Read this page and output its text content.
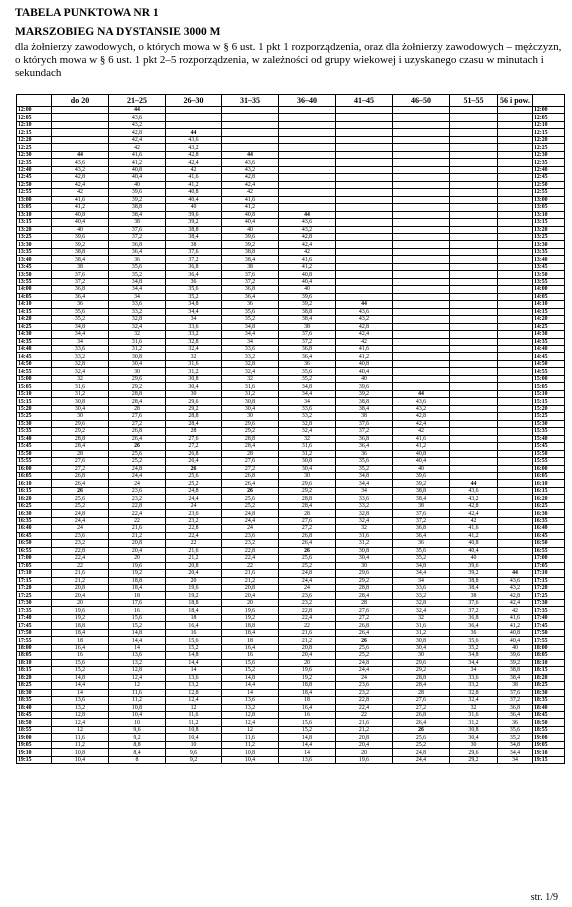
TABELA PUNKTOWA NR 1
MARSZOBIEG NA DYSTANSIE 3000 M
dla żołnierzy zawodowych, o których mowa w § 6 ust. 1 pkt 1 rozporządzenia, oraz dla żołnierzy zawodowych – mężczyzn, o których mowa w § 6 ust. 1 pkt 2–5 rozporządzenia, w zależności od grupy wiekowej i uzyskanego czasu w minutach i sekundach
	do 20	21–25	26–30	31–35	36–40	41–45	46–50	51–55	56 i pow.	
12:00		44								12:00
12:05		43,6								12:05
12:10		43,2								12:10
12:15		42,8	44							12:15
12:20		42,4	43,6							12:20
12:25		42	43,2							12:25
12:30	44	41,6	42,8	44						12:30
12:35	43,6	41,2	42,4	43,6						12:35
12:40	43,2	40,8	42	43,2						12:40
12:45	42,8	40,4	41,6	42,8						12:45
12:50	42,4	40	41,2	42,4						12:50
12:55	42	39,6	40,8	42						12:55
13:00	41,6	39,2	40,4	41,6						13:00
13:05	41,2	38,8	40	41,2						13:05
13:10	40,8	38,4	39,6	40,8	44					13:10
13:15	40,4	38	39,2	40,4	43,6					13:15
13:20	40	37,6	38,8	40	43,2					13:20
13:25	39,6	37,2	38,4	39,6	42,8					13:25
13:30	39,2	36,8	38	39,2	42,4					13:30
13:35	38,8	36,4	37,6	38,8	42					13:35
13:40	38,4	36	37,2	38,4	41,6					13:40
13:45	38	35,6	36,8	38	41,2					13:45
13:50	37,6	35,2	36,4	37,6	40,8					13:50
13:55	37,2	34,8	36	37,2	40,4					13:55
14:00	36,8	34,4	35,6	36,8	40					14:00
14:05	36,4	34	35,2	36,4	39,6					14:05
14:10	36	33,6	34,8	36	39,2	44				14:10
14:15	35,6	33,2	34,4	35,6	38,8	43,6				14:15
14:20	35,2	32,8	34	35,2	38,4	43,2				14:20
14:25	34,8	32,4	33,6	34,8	38	42,8				14:25
14:30	34,4	32	33,2	34,4	37,6	42,4				14:30
14:35	34	31,6	32,8	34	37,2	42				14:35
14:40	33,6	31,2	32,4	33,6	36,8	41,6				14:40
14:45	33,2	30,8	32	33,2	36,4	41,2				14:45
14:50	32,8	30,4	31,6	32,8	36	40,8				14:50
14:55	32,4	30	31,2	32,4	35,6	40,4				14:55
15:00	32	29,6	30,8	32	35,2	40				15:00
15:05	31,6	29,2	30,4	31,6	34,8	39,6				15:05
15:10	31,2	28,8	30	31,2	34,4	39,2	44			15:10
15:15	30,8	28,4	29,6	30,8	34	38,8	43,6			15:15
15:20	30,4	28	29,2	30,4	33,6	38,4	43,2			15:20
15:25	30	27,6	28,8	30	33,2	38	42,8			15:25
15:30	29,6	27,2	28,4	29,6	32,8	37,6	42,4			15:30
15:35	29,2	26,8	28	29,2	32,4	37,2	42			15:35
15:40	28,8	26,4	27,6	28,8	32	36,8	41,6			15:40
15:45	28,4	26	27,2	28,4	31,6	36,4	41,2			15:45
15:50	28	25,6	26,8	28	31,2	36	40,8			15:50
15:55	27,6	25,2	26,4	27,6	30,8	35,6	40,4			15:55
16:00	27,2	24,8	26	27,2	30,4	35,2	40			16:00
16:05	26,8	24,4	25,6	26,8	30	34,8	39,6			16:05
16:10	26,4	24	25,2	26,4	29,6	34,4	39,2	44		16:10
16:15	26	23,6	24,8	26	29,2	34	38,8	43,6		16:15
16:20	25,6	23,2	24,4	25,6	28,8	33,6	38,4	43,2		16:20
16:25	25,2	22,8	24	25,2	28,4	33,2	38	42,8		16:25
16:30	24,8	22,4	23,6	24,8	28	32,8	37,6	42,4		16:30
16:35	24,4	22	23,2	24,4	27,6	32,4	37,2	42		16:35
16:40	24	21,6	22,8	24	27,2	32	36,8	41,6		16:40
16:45	23,6	21,2	22,4	23,6	26,8	31,6	36,4	41,2		16:45
16:50	23,2	20,8	22	23,2	26,4	31,2	36	40,8		16:50
16:55	22,8	20,4	21,6	22,8	26	30,8	35,6	40,4		16:55
17:00	22,4	20	21,2	22,4	25,6	30,4	35,2	40		17:00
17:05	22	19,6	20,8	22	25,2	30	34,8	39,6		17:05
17:10	21,6	19,2	20,4	21,6	24,8	29,6	34,4	39,2	44	17:10
17:15	21,2	18,8	20	21,2	24,4	29,2	34	38,8	43,6	17:15
17:20	20,8	18,4	19,6	20,8	24	28,8	33,6	38,4	43,2	17:20
17:25	20,4	18	19,2	20,4	23,6	28,4	33,2	38	42,8	17:25
17:30	20	17,6	18,8	20	23,2	28	32,8	37,6	42,4	17:30
17:35	19,6	16	18,4	19,6	22,8	27,6	32,4	37,2	42	17:35
17:40	19,2	15,6	18	19,2	22,4	27,2	32	36,8	41,6	17:40
17:45	18,8	15,2	16,4	18,8	22	26,8	31,6	36,4	41,2	17:45
17:50	18,4	14,8	16	18,4	21,6	26,4	31,2	36	40,8	17:50
17:55	18	14,4	15,6	18	21,2	26	30,8	35,6	40,4	17:55
18:00	16,4	14	15,2	16,4	20,8	25,6	30,4	35,2	40	18:00
18:05	16	13,6	14,8	16	20,4	25,2	30	34,8	39,6	18:05
18:10	15,6	13,2	14,4	15,6	20	24,8	29,6	34,4	39,2	18:10
18:15	15,2	12,8	14	15,2	19,6	24,4	29,2	34	38,8	18:15
18:20	14,8	12,4	13,6	14,8	19,2	24	28,8	33,6	38,4	18:20
18:25	14,4	12	13,2	14,4	18,8	23,6	28,4	33,2	38	18:25
18:30	14	11,6	12,8	14	18,4	23,2	28	32,8	37,6	18:30
18:35	13,6	11,2	12,4	13,6	18	22,8	27,6	32,4	37,2	18:35
18:40	13,2	10,8	12	13,2	16,4	22,4	27,2	32	36,8	18:40
18:45	12,8	10,4	11,6	12,8	16	22	26,8	31,6	36,4	18:45
18:50	12,4	10	11,2	12,4	15,6	21,6	26,4	31,2	36	18:50
18:55	12	9,6	10,8	12	15,2	21,2	26	30,8	35,6	18:55
19:00	11,6	9,2	10,4	11,6	14,8	20,8	25,6	30,4	35,2	19:00
19:05	11,2	8,8	10	11,2	14,4	20,4	25,2	30	34,8	19:05
19:10	10,8	8,4	9,6	10,8	14	20	24,8	29,6	34,4	19:10
19:15	10,4	8	9,2	10,4	13,6	19,6	24,4	29,2	34	19:15
str. 1/9
